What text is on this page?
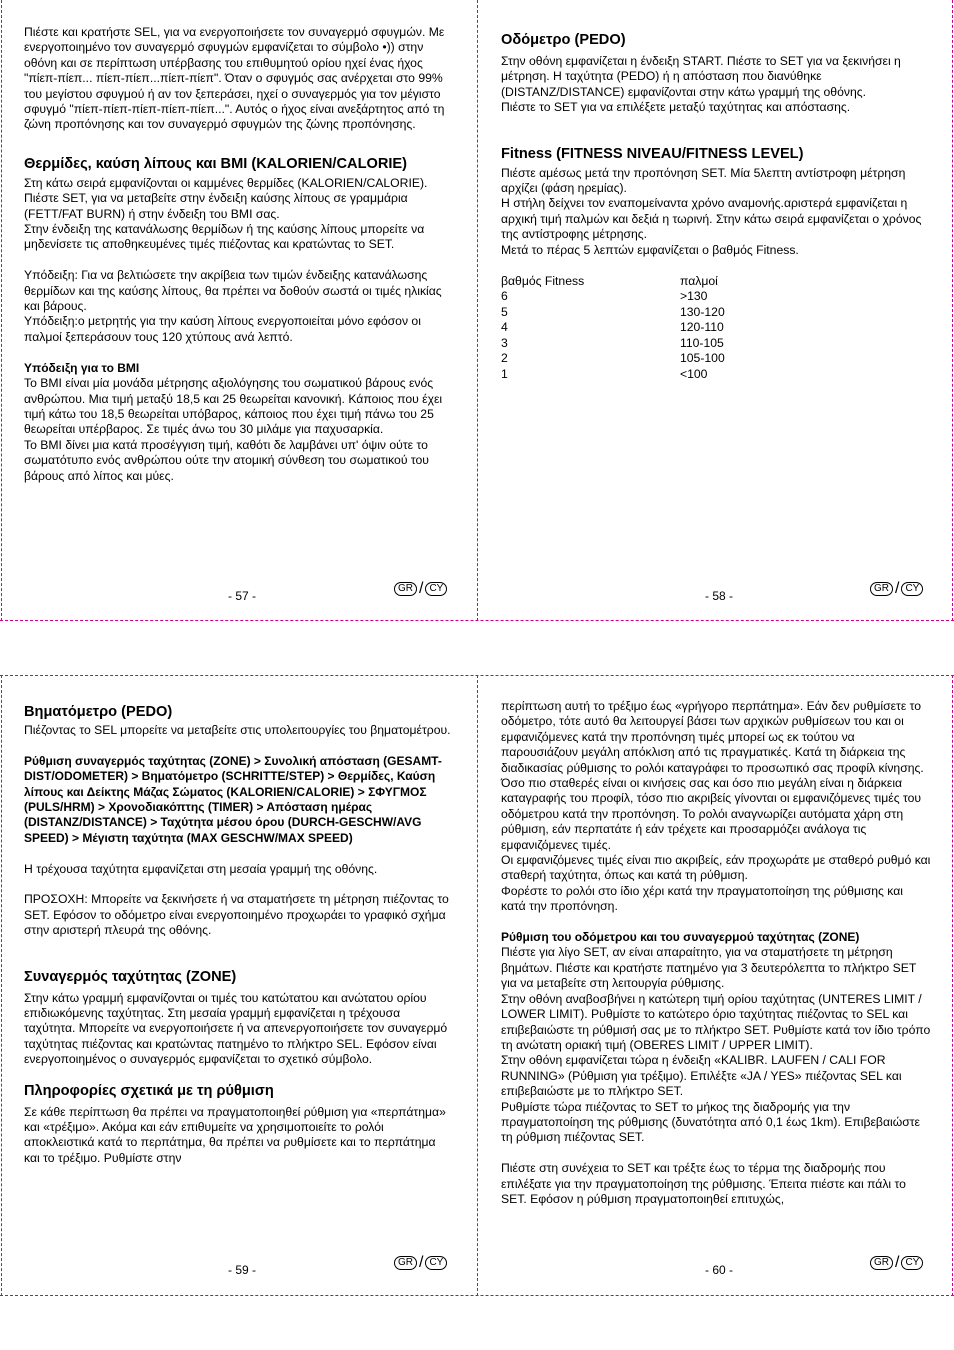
Πιέστε και κρατήστε SEL, για να ενεργοποιήσετε τον συναγερμό σφυγμών. Με ενεργοποιημένο τον συναγερμό σφυγμών εμφανίζεται το σύμβολο •)) στην οθόνη και σε περίπτωση υπέρβασης του επιθυμητού ορίου ηχεί ένας ήχος "πίεπ-πίεπ... πίεπ-πίεπ...πίεπ-πίεπ". Όταν ο σφυγμός σας ανέρχεται στο 99% του μεγίστου σφυγμού ή αν τον ξεπεράσει, ηχεί ο συναγερμός για τον μέγιστο σφυγμό "πίεπ-πίεπ-πίεπ-πίεπ-πίεπ...". Αυτός ο ήχος είναι ανεξάρτητος από τη ζώνη προπόνησης και τον συναγερμό σφυγμών της ζώνης προπόνησης.

Θερμίδες, καύση λίπους και BMI (KALORIEN/CALORIE)

Στη κάτω σειρά εμφανίζονται οι καμμένες θερμίδες (KALORIEN/CALORIE).

Πιέστε SET, για να μεταβείτε στην ένδειξη καύσης λίπους σε γραμμάρια (FETT/FAT BURN) ή στην ένδειξη του BMI σας.

Στην ένδειξη της κατανάλωσης θερμίδων ή της καύσης λίπους μπορείτε να μηδενίσετε τις αποθηκευμένες τιμές πιέζοντας και κρατώντας το SET.

Υπόδειξη: Για να βελτιώσετε την ακρίβεια των τιμών ένδειξης κατανάλωσης θερμίδων και της καύσης λίπους, θα πρέπει να δοθούν σωστά οι τιμές ηλικίας και βάρους.

Υπόδειξη:ο μετρητής για την καύση λίπους ενεργοποιείται μόνο εφόσον οι παλμοί ξεπεράσουν τους 120 χτύπους ανά λεπτό.

Υπόδειξη για το BMI

Το BMI είναι μία μονάδα μέτρησης αξιολόγησης του σωματικού βάρους ενός ανθρώπου. Μια τιμή μεταξύ 18,5 και 25 θεωρείται κανονική. Κάποιος που έχει τιμή κάτω του 18,5 θεωρείται υπόβαρος, κάποιος που έχει τιμή πάνω του 25 θεωρείται υπέρβαρος. Σε τιμές άνω του 30 μιλάμε για παχυσαρκία.

Το BMI δίνει μια κατά προσέγγιση τιμή, καθότι δε λαμβάνει υπ' όψιν ούτε το σωματότυπο ενός ανθρώπου ούτε την ατομική σύνθεση του σωματικού του βάρους από λίπος και μύες.

- 57 -
GR / CY
Οδόμετρο (PEDO)

Στην οθόνη εμφανίζεται η ένδειξη START. Πιέστε το SET για να ξεκινήσει η μέτρηση. Η ταχύτητα (PEDO) ή η απόσταση που διανύθηκε (DISTANZ/DISTANCE) εμφανίζονται στην κάτω γραμμή της οθόνης.

Πιέστε το SET για να επιλέξετε μεταξύ ταχύτητας και απόστασης.

Fitness (FITNESS NIVEAU/FITNESS LEVEL)

Πιέστε αμέσως μετά την προπόνηση SET. Μία 5λεπτη αντίστροφη μέτρηση αρχίζει (φάση ηρεμίας).

Η στήλη δείχνει τον εναπομείναντα χρόνο αναμονής.αριστερά εμφανίζεται η αρχική τιμή παλμών και δεξιά η τωρινή. Στην κάτω σειρά εμφανίζεται ο χρόνος της αντίστροφης μέτρησης.

Μετά το πέρας 5 λεπτών εμφανίζεται ο βαθμός Fitness.

βαθμός Fitness	παλμοί
6	>130
5	130-120
4	120-110
3	110-105
2	105-100
1	<100
- 58 -
GR / CY
Βηματόμετρο (PEDO)

Πιέζοντας το SEL μπορείτε να μεταβείτε στις υπολειτουργίες του βηματομέτρου.

Ρύθμιση συναγερμός ταχύτητας (ZONE) > Συνολική απόσταση (GESAMT-DIST/ODOMETER) > Βηματόμετρο (SCHRITTE/STEP) > Θερμίδες, Καύση λίπους και Δείκτης Μάζας Σώματος (KALORIEN/CALORIE) > ΣΦΥΓΜΟΣ (PULS/HRM) > Χρονοδιακόπτης (TIMER) > Απόσταση ημέρας (DISTANZ/DISTANCE) > Ταχύτητα μέσου όρου (DURCH-GESCHW/AVG SPEED) > Μέγιστη ταχύτητα (MAX GESCHW/MAX SPEED)

Η τρέχουσα ταχύτητα εμφανίζεται στη μεσαία γραμμή της οθόνης.

ΠΡΟΣΟΧΗ: Μπορείτε να ξεκινήσετε ή να σταματήσετε τη μέτρηση πιέζοντας το SET. Εφόσον το οδόμετρο είναι ενεργοποιημένο προχωράει το γραφικό σχήμα στην αριστερή πλευρά της οθόνης.

Συναγερμός ταχύτητας (ZONE)

Στην κάτω γραμμή εμφανίζονται οι τιμές του κατώτατου και ανώτατου ορίου επιδιωκόμενης ταχύτητας. Στη μεσαία γραμμή εμφανίζεται η τρέχουσα ταχύτητα. Μπορείτε να ενεργοποιήσετε ή να απενεργοποιήσετε τον συναγερμό ταχύτητας πιέζοντας και κρατώντας πατημένο το πλήκτρο SEL. Εφόσον είναι ενεργοποιημένος ο συναγερμός εμφανίζεται το σχετικό σύμβολο.

Πληροφορίες σχετικά με τη ρύθμιση

Σε κάθε περίπτωση θα πρέπει να πραγματοποιηθεί ρύθμιση για «περπάτημα» και «τρέξιμο». Ακόμα και εάν επιθυμείτε να χρησιμοποιείτε το ρολόι αποκλειστικά κατά το περπάτημα, θα πρέπει να ρυθμίσετε και το περπάτημα και το τρέξιμο. Ρυθμίστε στην

- 59 -
GR / CY

περίπτωση αυτή το τρέξιμο έως «γρήγορο περπάτημα». Εάν δεν ρυθμίσετε το οδόμετρο, τότε αυτό θα λειτουργεί βάσει των αρχικών ρυθμίσεων του και οι εμφανιζόμενες κατά την προπόνηση τιμές μπορεί ως εκ τούτου να παρουσιάζουν μεγάλη απόκλιση από τις πραγματικές. Κατά τη διάρκεια της διαδικασίας ρύθμισης το ρολόι καταγράφει το προσωπικό σας προφίλ κίνησης. Όσο πιο σταθερές είναι οι κινήσεις σας και όσο πιο μεγάλη είναι η διάρκεια καταγραφής του προφίλ, τόσο πιο ακριβείς γίνονται οι εμφανιζόμενες τιμές του οδόμετρου κατά την προπόνηση. Το ρολόι αναγνωρίζει αυτόματα χάρη στη ρύθμιση, εάν περπατάτε ή εάν τρέχετε και προσαρμόζει ανάλογα τις εμφανιζόμενες τιμές.

Οι εμφανιζόμενες τιμές είναι πιο ακριβείς, εάν προχωράτε με σταθερό ρυθμό και σταθερή ταχύτητα, όπως και κατά τη ρύθμιση.

Φορέστε το ρολόι στο ίδιο χέρι κατά την πραγματοποίηση της ρύθμισης και κατά την προπόνηση.

Ρύθμιση του οδόμετρου και του συναγερμού ταχύτητας (ZONE)

Πιέστε για λίγο SET, αν είναι απαραίτητο, για να σταματήσετε τη μέτρηση βημάτων. Πιέστε και κρατήστε πατημένο για 3 δευτερόλεπτα το πλήκτρο SET για να μεταβείτε στη λειτουργία ρύθμισης.

Στην οθόνη αναβοσβήνει η κατώτερη τιμή ορίου ταχύτητας (UNTERES LIMIT / LOWER LIMIT). Ρυθμίστε το κατώτερο όριο ταχύτητας πιέζοντας το SEL και επιβεβαιώστε τη ρύθμισή σας με το πλήκτρο SET. Ρυθμίστε κατά τον ίδιο τρόπο τη ανώτατη οριακή τιμή (OBERES LIMIT / UPPER LIMIT).

Στην οθόνη εμφανίζεται τώρα η ένδειξη «KALIBR. LAUFEN / CALI FOR RUNNING» (Ρύθμιση για τρέξιμο). Επιλέξτε «JA / YES» πιέζοντας SEL και επιβεβαιώστε με το πλήκτρο SET.

Ρυθμίστε τώρα πιέζοντας το SET το μήκος της διαδρομής για την πραγματοποίηση της ρύθμισης (δυνατότητα από 0,1 έως 1km). Επιβεβαιώστε τη ρύθμιση πιέζοντας SET.

Πιέστε στη συνέχεια το SET και τρέξτε έως το τέρμα της διαδρομής που επιλέξατε για την πραγματοποίηση της ρύθμισης. Έπειτα πιέστε και πάλι το SET. Εφόσον η ρύθμιση πραγματοποιηθεί επιτυχώς,

- 60 -
GR / CY
